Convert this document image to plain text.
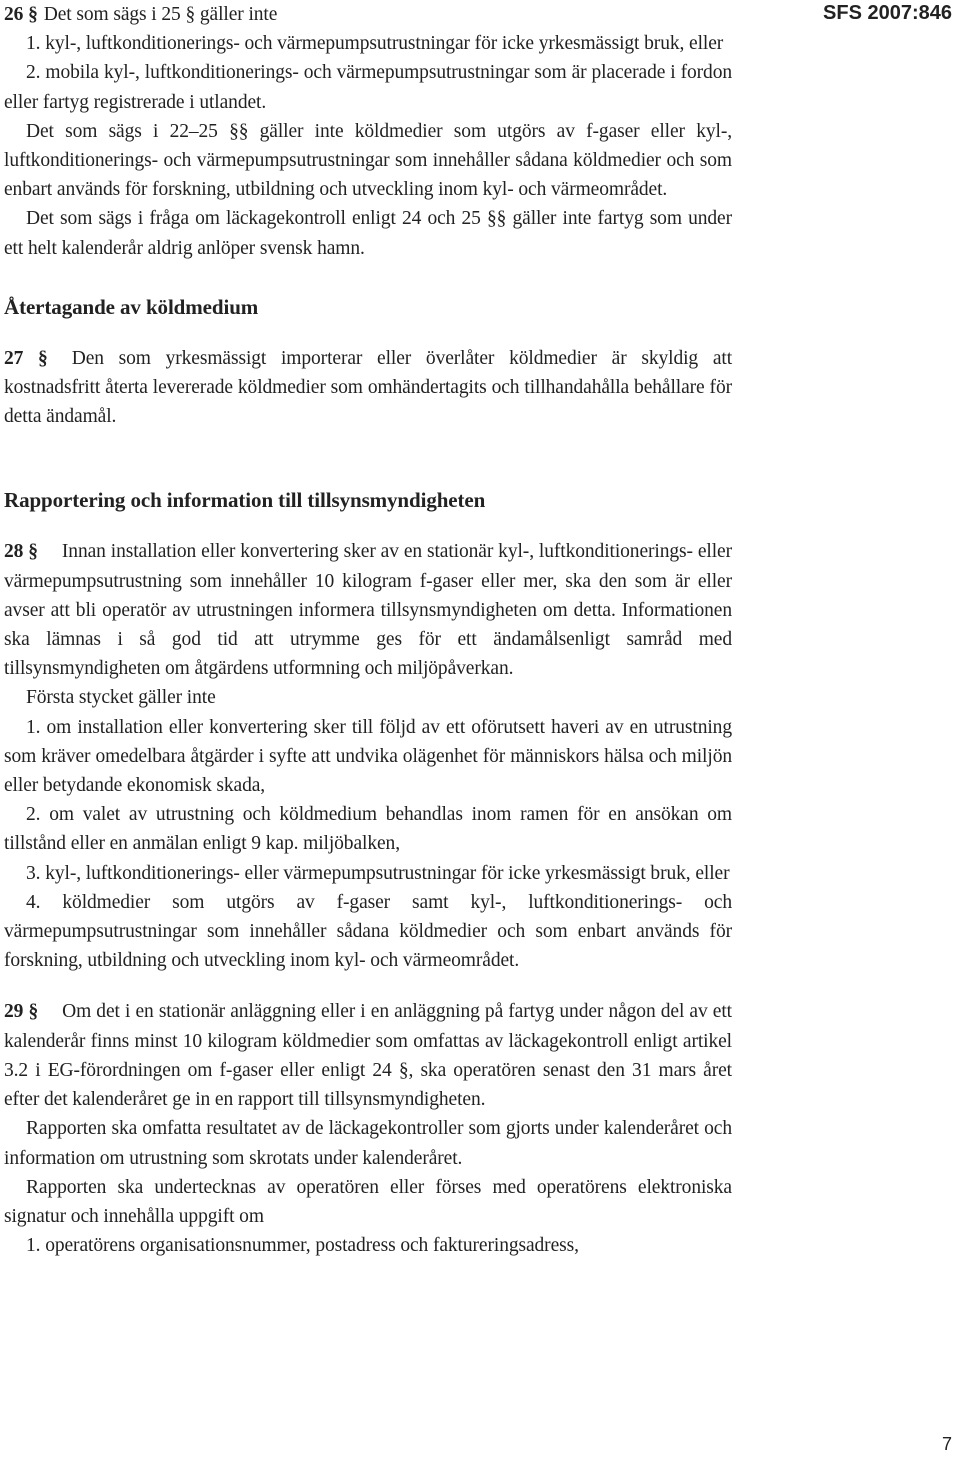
SFS 2007:846

26 § Det som sägs i 25 § gäller inte

1. kyl-, luftkonditionerings- och värmepumpsutrustningar för icke yrkesmässigt bruk, eller

2. mobila kyl-, luftkonditionerings- och värmepumpsutrustningar som är placerade i fordon eller fartyg registrerade i utlandet.

Det som sägs i 22–25 §§ gäller inte köldmedier som utgörs av f-gaser eller kyl-, luftkonditionerings- och värmepumpsutrustningar som innehåller sådana köldmedier och som enbart används för forskning, utbildning och utveckling inom kyl- och värmeområdet.

Det som sägs i fråga om läckagekontroll enligt 24 och 25 §§ gäller inte fartyg som under ett helt kalenderår aldrig anlöper svensk hamn.

Återtagande av köldmedium

27 § Den som yrkesmässigt importerar eller överlåter köldmedier är skyldig att kostnadsfritt återta levererade köldmedier som omhändertagits och tillhandahålla behållare för detta ändamål.

Rapportering och information till tillsynsmyndigheten

28 § Innan installation eller konvertering sker av en stationär kyl-, luftkonditionerings- eller värmepumpsutrustning som innehåller 10 kilogram f-gaser eller mer, ska den som är eller avser att bli operatör av utrustningen informera tillsynsmyndigheten om detta. Informationen ska lämnas i så god tid att utrymme ges för ett ändamålsenligt samråd med tillsynsmyndigheten om åtgärdens utformning och miljöpåverkan.

Första stycket gäller inte

1. om installation eller konvertering sker till följd av ett oförutsett haveri av en utrustning som kräver omedelbara åtgärder i syfte att undvika olägenhet för människors hälsa och miljön eller betydande ekonomisk skada,

2. om valet av utrustning och köldmedium behandlas inom ramen för en ansökan om tillstånd eller en anmälan enligt 9 kap. miljöbalken,

3. kyl-, luftkonditionerings- eller värmepumpsutrustningar för icke yrkesmässigt bruk, eller

4. köldmedier som utgörs av f-gaser samt kyl-, luftkonditionerings- och värmepumpsutrustningar som innehåller sådana köldmedier och som enbart används för forskning, utbildning och utveckling inom kyl- och värmeområdet.

29 § Om det i en stationär anläggning eller i en anläggning på fartyg under någon del av ett kalenderår finns minst 10 kilogram köldmedier som omfattas av läckagekontroll enligt artikel 3.2 i EG-förordningen om f-gaser eller enligt 24 §, ska operatören senast den 31 mars året efter det kalenderåret ge in en rapport till tillsynsmyndigheten.

Rapporten ska omfatta resultatet av de läckagekontroller som gjorts under kalenderåret och information om utrustning som skrotats under kalenderåret.

Rapporten ska undertecknas av operatören eller förses med operatörens elektroniska signatur och innehålla uppgift om

1. operatörens organisationsnummer, postadress och faktureringsadress,

7
